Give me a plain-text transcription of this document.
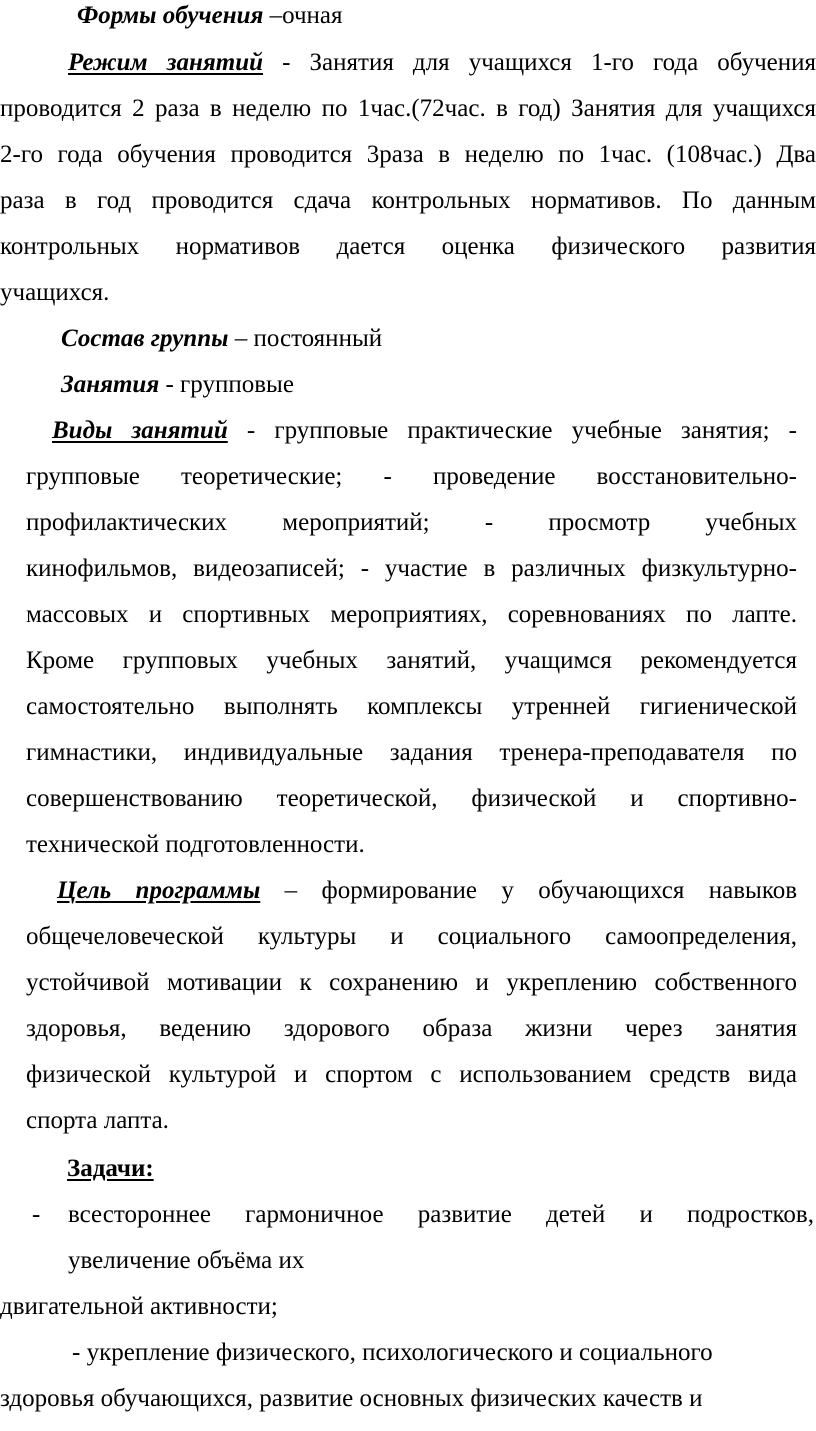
Формы обучения –очная
Режим занятий - Занятия для учащихся 1-го года обучения
проводится 2 раза в неделю по 1час.(72час. в год) Занятия для учащихся
2-го года обучения проводится 3раза в неделю по 1час. (108час.) Два
раза в год проводится сдача контрольных нормативов. По данным
контрольных нормативов дается оценка физического развития
учащихся.
Состав группы – постоянный
Занятия - групповые
Виды занятий - групповые практические учебные занятия; -
групповые теоретические; - проведение восстановительно-
профилактических мероприятий; - просмотр учебных
кинофильмов, видеозаписей; - участие в различных физкультурно-
массовых и спортивных мероприятиях, соревнованиях по лапте.
Кроме групповых учебных занятий, учащимся рекомендуется
самостоятельно выполнять комплексы утренней гигиенической
гимнастики, индивидуальные задания тренера-преподавателя по
совершенствованию теоретической, физической и спортивно-
технической подготовленности.
Цель программы – формирование у обучающихся навыков
общечеловеческой культуры и социального самоопределения,
устойчивой мотивации к сохранению и укреплению собственного
здоровья, ведению здорового образа жизни через занятия
физической культурой и спортом с использованием средств вида
спорта лапта.
Задачи:
- всестороннее гармоничное развитие детей и подростков,
увеличение объёма их
двигательной активности;
- укрепление физического, психологического и социального
здоровья обучающихся, развитие основных физических качеств и
